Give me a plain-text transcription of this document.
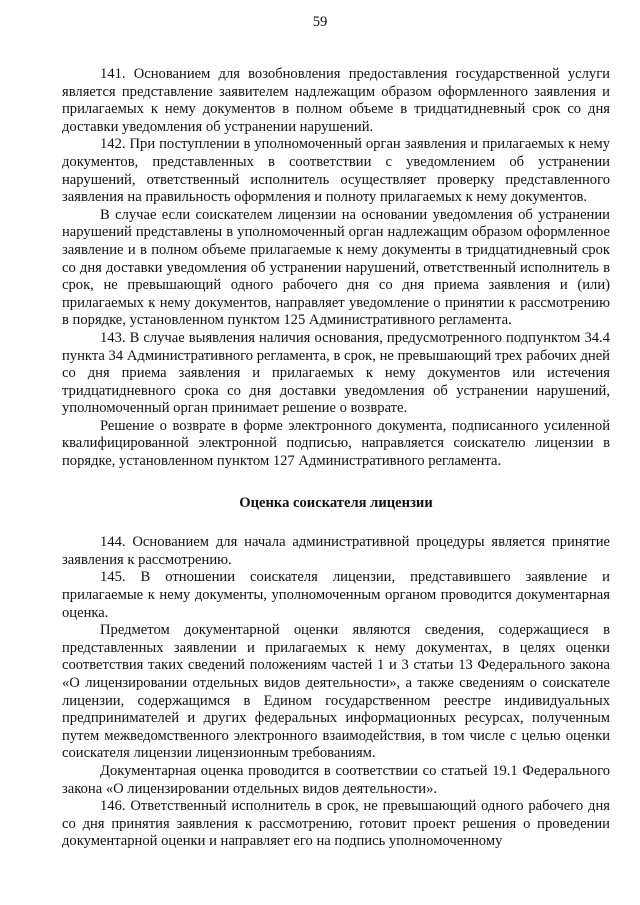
59

141. Основанием для возобновления предоставления государственной услуги является представление заявителем надлежащим образом оформленного заявления и прилагаемых к нему документов в полном объеме в тридцатидневный срок со дня доставки уведомления об устранении нарушений.

142. При поступлении в уполномоченный орган заявления и прилагаемых к нему документов, представленных в соответствии с уведомлением об устранении нарушений, ответственный исполнитель осуществляет проверку представленного заявления на правильность оформления и полноту прилагаемых к нему документов.

В случае если соискателем лицензии на основании уведомления об устранении нарушений представлены в уполномоченный орган надлежащим образом оформленное заявление и в полном объеме прилагаемые к нему документы в тридцатидневный срок со дня доставки уведомления об устранении нарушений, ответственный исполнитель в срок, не превышающий одного рабочего дня со дня приема заявления и (или) прилагаемых к нему документов, направляет уведомление о принятии к рассмотрению в порядке, установленном пунктом 125 Административного регламента.

143. В случае выявления наличия основания, предусмотренного подпунктом 34.4 пункта 34 Административного регламента, в срок, не превышающий трех рабочих дней со дня приема заявления и прилагаемых к нему документов или истечения тридцатидневного срока со дня доставки уведомления об устранении нарушений, уполномоченный орган принимает решение о возврате.

Решение о возврате в форме электронного документа, подписанного усиленной квалифицированной электронной подписью, направляется соискателю лицензии в порядке, установленном пунктом 127 Административного регламента.

Оценка соискателя лицензии

144. Основанием для начала административной процедуры является принятие заявления к рассмотрению.

145. В отношении соискателя лицензии, представившего заявление и прилагаемые к нему документы, уполномоченным органом проводится документарная оценка.

Предметом документарной оценки являются сведения, содержащиеся в представленных заявлении и прилагаемых к нему документах, в целях оценки соответствия таких сведений положениям частей 1 и 3 статьи 13 Федерального закона «О лицензировании отдельных видов деятельности», а также сведениям о соискателе лицензии, содержащимся в Едином государственном реестре индивидуальных предпринимателей и других федеральных информационных ресурсах, полученным путем межведомственного электронного взаимодействия, в том числе с целью оценки соискателя лицензии лицензионным требованиям.

Документарная оценка проводится в соответствии со статьей 19.1 Федерального закона «О лицензировании отдельных видов деятельности».

146. Ответственный исполнитель в срок, не превышающий одного рабочего дня со дня принятия заявления к рассмотрению, готовит проект решения о проведении документарной оценки и направляет его на подпись уполномоченному
